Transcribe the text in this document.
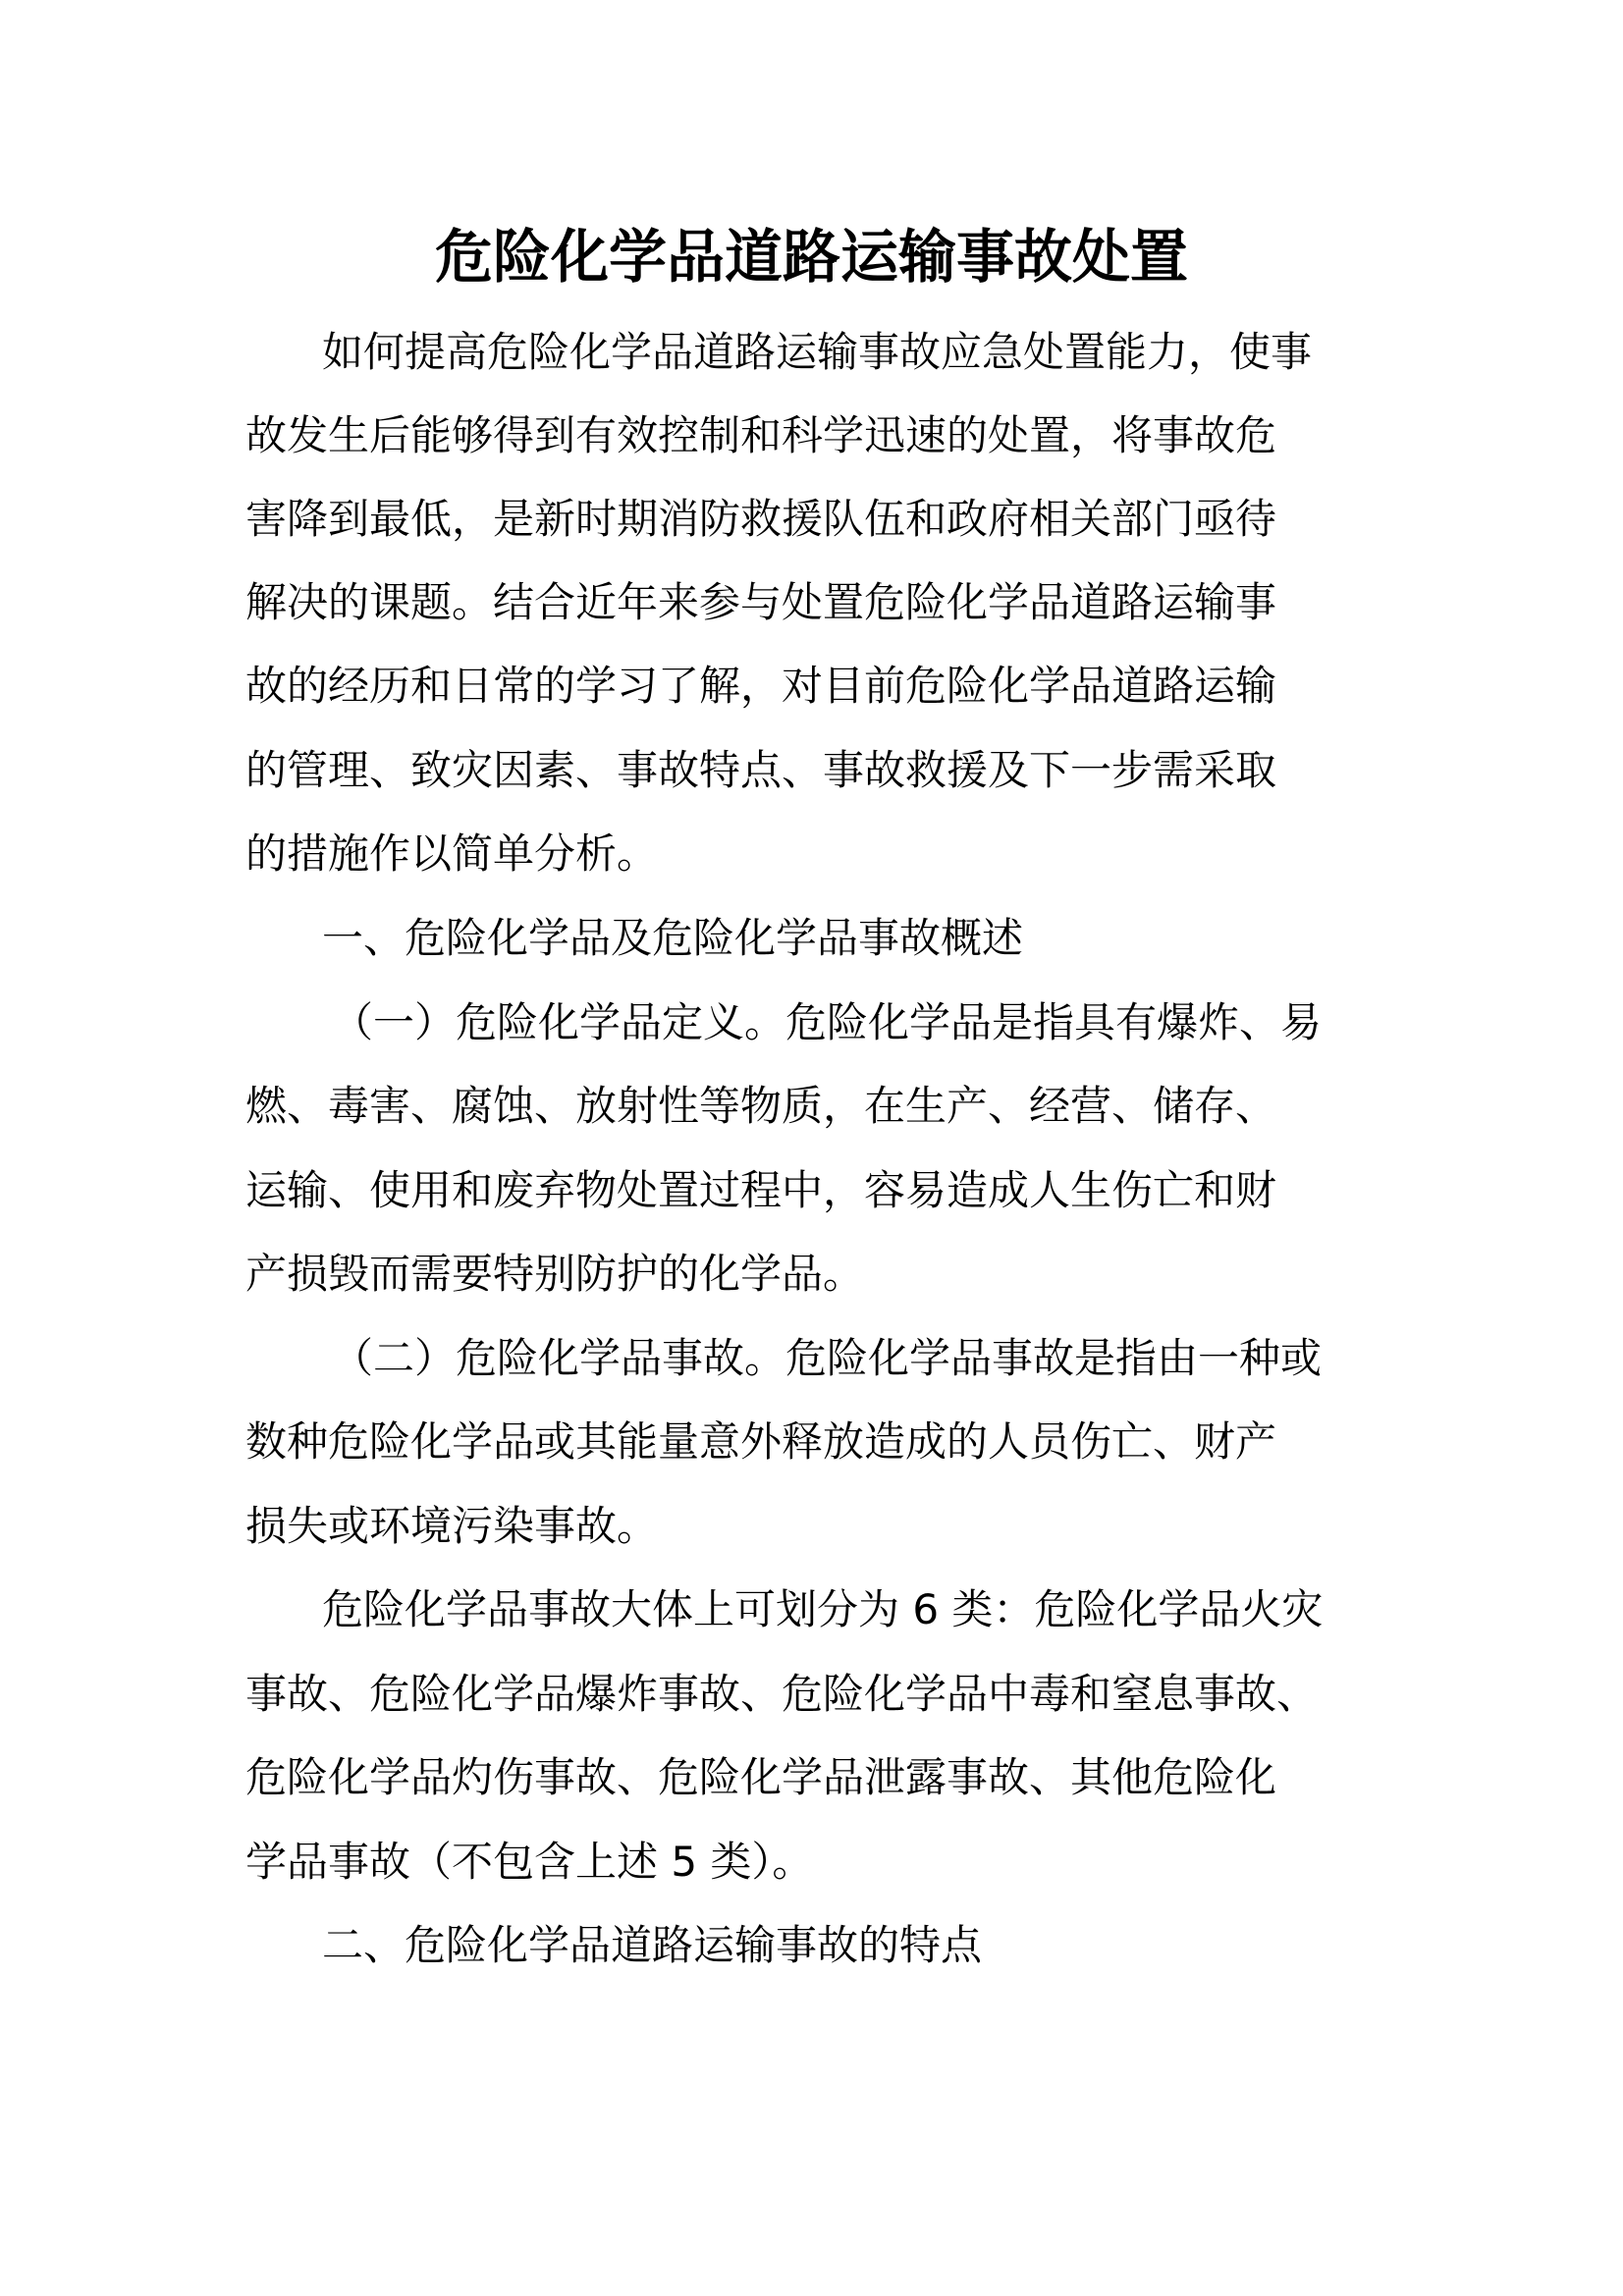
危险化学品道路运输事故处置

如何提高危险化学品道路运输事故应急处置能力，使事

故发生后能够得到有效控制和科学迅速的处置，将事故危

害降到最低，是新时期消防救援队伍和政府相关部门亟待

解决的课题。结合近年来参与处置危险化学品道路运输事

故的经历和日常的学习了解，对目前危险化学品道路运输

的管理、致灾因素、事故特点、事故救援及下一步需采取

的措施作以简单分析。

一、危险化学品及危险化学品事故概述

（一）危险化学品定义。危险化学品是指具有爆炸、易

燃、毒害、腐蚀、放射性等物质，在生产、经营、储存、

运输、使用和废弃物处置过程中，容易造成人生伤亡和财

产损毁而需要特别防护的化学品。

（二）危险化学品事故。危险化学品事故是指由一种或

数种危险化学品或其能量意外释放造成的人员伤亡、财产

损失或环境污染事故。

危险化学品事故大体上可划分为 6 类：危险化学品火灾

事故、危险化学品爆炸事故、危险化学品中毒和窒息事故、

危险化学品灼伤事故、危险化学品泄露事故、其他危险化

学品事故（不包含上述 5 类）。

二、危险化学品道路运输事故的特点
